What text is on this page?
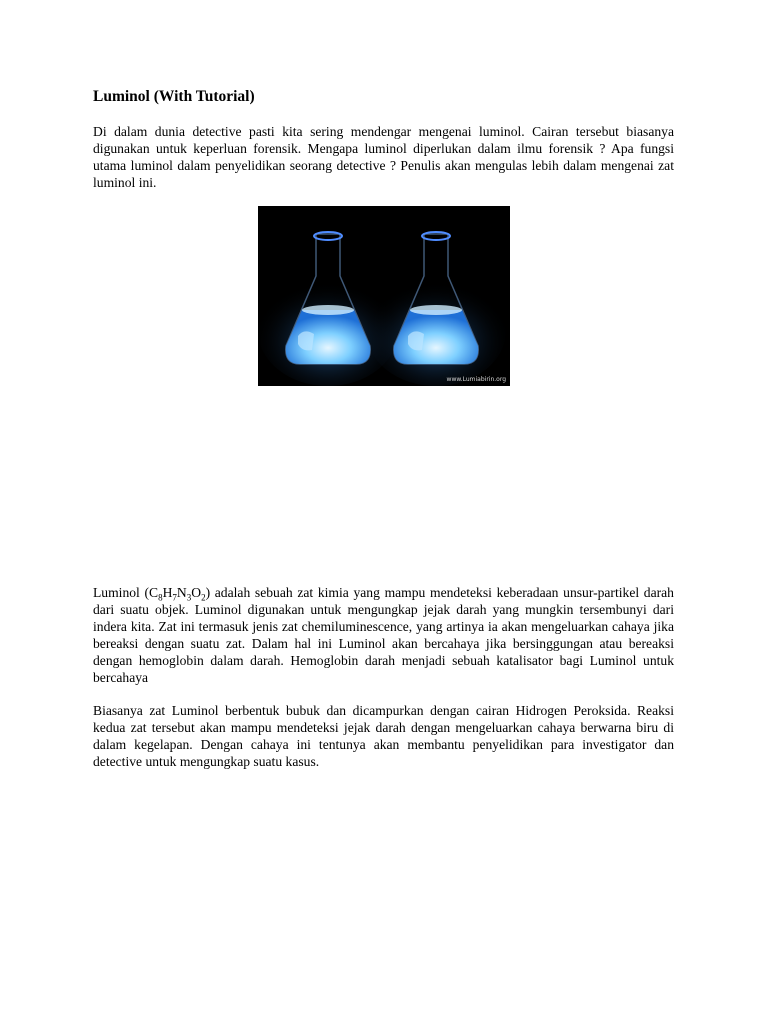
Luminol (With Tutorial)

Di dalam dunia detective pasti kita sering mendengar mengenai luminol. Cairan tersebut biasanya digunakan untuk keperluan forensik. Mengapa luminol diperlukan dalam ilmu forensik ? Apa fungsi utama luminol dalam penyelidikan seorang detective ? Penulis akan mengulas lebih dalam mengenai zat luminol ini.

www.Lumiabirin.org

Luminol $(C_8H_7N_3O_2)$ adalah sebuah zat kimia yang mampu mendeteksi keberadaan unsur-partikel darah dari suatu objek. Luminol digunakan untuk mengungkap jejak darah yang mungkin tersembunyi dari indera kita. Zat ini termasuk jenis zat chemiluminescence, yang artinya ia akan mengeluarkan cahaya jika bereaksi dengan suatu zat. Dalam hal ini Luminol akan bercahaya jika bersinggungan atau bereaksi dengan hemoglobin dalam darah. Hemoglobin darah menjadi sebuah katalisator bagi Luminol untuk bercahaya

Biasanya zat Luminol berbentuk bubuk dan dicampurkan dengan cairan Hidrogen Peroksida. Reaksi kedua zat tersebut akan mampu mendeteksi jejak darah dengan mengeluarkan cahaya berwarna biru di dalam kegelapan. Dengan cahaya ini tentunya akan membantu penyelidikan para investigator dan detective untuk mengungkap suatu kasus.
